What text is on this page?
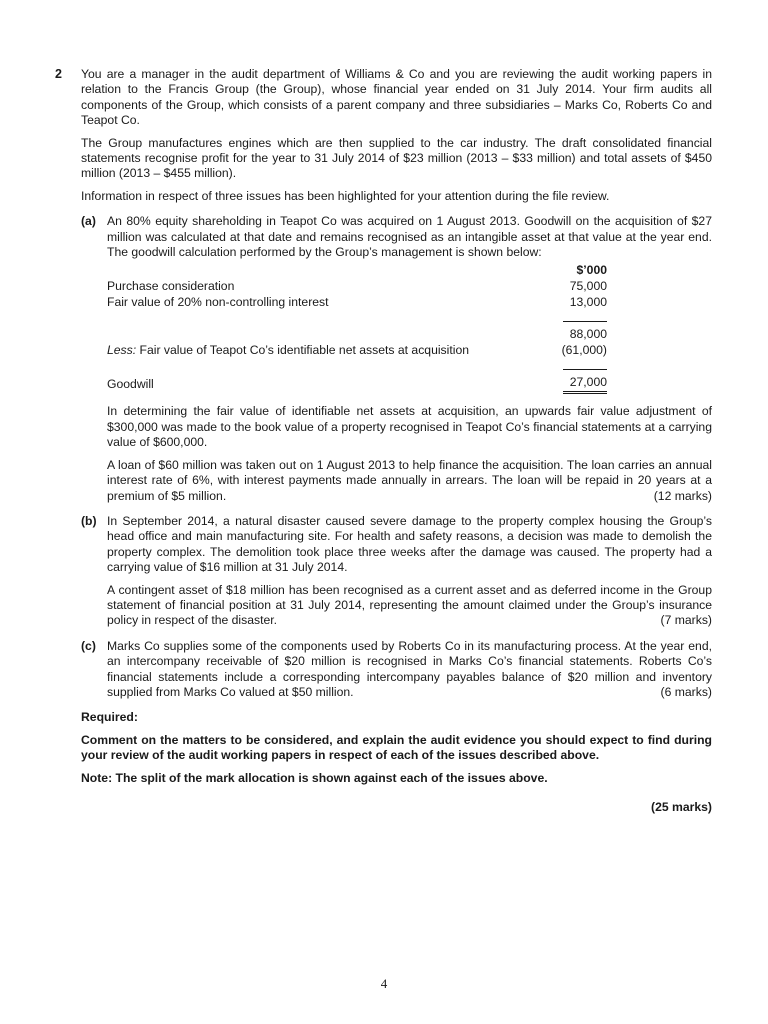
2 You are a manager in the audit department of Williams & Co and you are reviewing the audit working papers in relation to the Francis Group (the Group), whose financial year ended on 31 July 2014. Your firm audits all components of the Group, which consists of a parent company and three subsidiaries – Marks Co, Roberts Co and Teapot Co.

The Group manufactures engines which are then supplied to the car industry. The draft consolidated financial statements recognise profit for the year to 31 July 2014 of $23 million (2013 – $33 million) and total assets of $450 million (2013 – $455 million).

Information in respect of three issues has been highlighted for your attention during the file review.

(a) An 80% equity shareholding in Teapot Co was acquired on 1 August 2013. Goodwill on the acquisition of $27 million was calculated at that date and remains recognised as an intangible asset at that value at the year end. The goodwill calculation performed by the Group’s management is shown below:

	$’000
Purchase consideration	75,000
Fair value of 20% non-controlling interest	13,000

	88,000
Less: Fair value of Teapot Co’s identifiable net assets at acquisition	(61,000)

Goodwill	27,000

In determining the fair value of identifiable net assets at acquisition, an upwards fair value adjustment of $300,000 was made to the book value of a property recognised in Teapot Co’s financial statements at a carrying value of $600,000.

A loan of $60 million was taken out on 1 August 2013 to help finance the acquisition. The loan carries an annual interest rate of 6%, with interest payments made annually in arrears. The loan will be repaid in 20 years at a premium of $5 million.	(12 marks)

(b) In September 2014, a natural disaster caused severe damage to the property complex housing the Group’s head office and main manufacturing site. For health and safety reasons, a decision was made to demolish the property complex. The demolition took place three weeks after the damage was caused. The property had a carrying value of $16 million at 31 July 2014.

A contingent asset of $18 million has been recognised as a current asset and as deferred income in the Group statement of financial position at 31 July 2014, representing the amount claimed under the Group’s insurance policy in respect of the disaster.	(7 marks)

(c) Marks Co supplies some of the components used by Roberts Co in its manufacturing process. At the year end, an intercompany receivable of $20 million is recognised in Marks Co’s financial statements. Roberts Co’s financial statements include a corresponding intercompany payables balance of $20 million and inventory supplied from Marks Co valued at $50 million.	(6 marks)

Required:

Comment on the matters to be considered, and explain the audit evidence you should expect to find during your review of the audit working papers in respect of each of the issues described above.

Note: The split of the mark allocation is shown against each of the issues above.

(25 marks)
4
